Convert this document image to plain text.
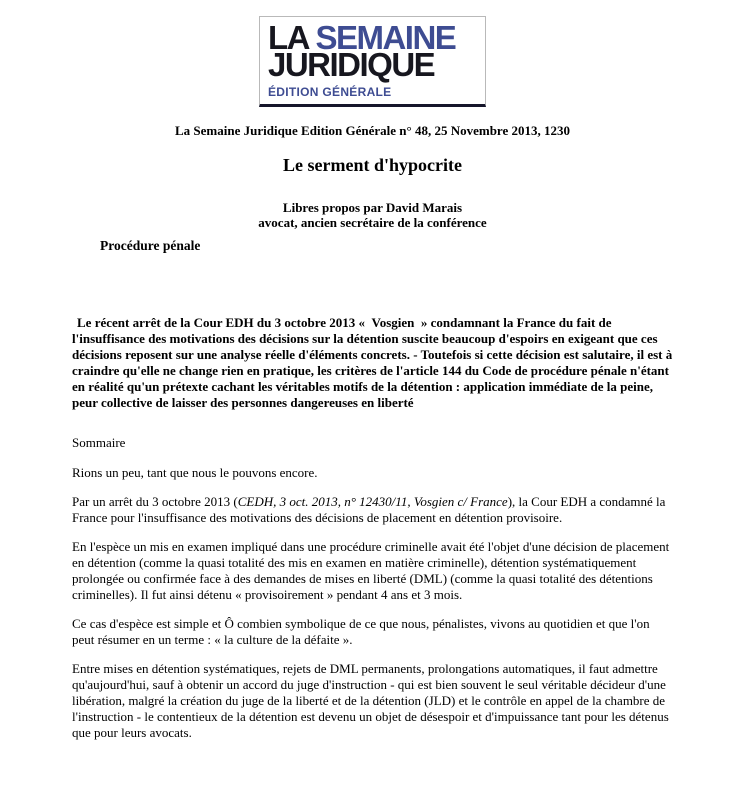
LA SEMAINE
JURIDIQUE
ÉDITION GÉNÉRALE
La Semaine Juridique Edition Générale n° 48, 25 Novembre 2013, 1230
Le serment d'hypocrite
Libres propos par David Marais
avocat, ancien secrétaire de la conférence
Procédure pénale

Le récent arrêt de la Cour EDH du 3 octobre 2013 «  Vosgien  » condamnant la France du fait de l'insuffisance des motivations des décisions sur la détention suscite beaucoup d'espoirs en exigeant que ces décisions reposent sur une analyse réelle d'éléments concrets. - Toutefois si cette décision est salutaire, il est à craindre qu'elle ne change rien en pratique, les critères de l'article 144 du Code de procédure pénale n'étant en réalité qu'un prétexte cachant les véritables motifs de la détention : application immédiate de la peine, peur collective de laisser des personnes dangereuses en liberté

Sommaire

Rions un peu, tant que nous le pouvons encore.

Par un arrêt du 3 octobre 2013 (CEDH, 3 oct. 2013, n° 12430/11, Vosgien c/ France), la Cour EDH a condamné la France pour l'insuffisance des motivations des décisions de placement en détention provisoire.

En l'espèce un mis en examen impliqué dans une procédure criminelle avait été l'objet d'une décision de placement en détention (comme la quasi totalité des mis en examen en matière criminelle), détention systématiquement prolongée ou confirmée face à des demandes de mises en liberté (DML) (comme la quasi totalité des détentions criminelles). Il fut ainsi détenu « provisoirement » pendant 4 ans et 3 mois.

Ce cas d'espèce est simple et Ô combien symbolique de ce que nous, pénalistes, vivons au quotidien et que l'on peut résumer en un terme : « la culture de la défaite ».

Entre mises en détention systématiques, rejets de DML permanents, prolongations automatiques, il faut admettre qu'aujourd'hui, sauf à obtenir un accord du juge d'instruction - qui est bien souvent le seul véritable décideur d'une libération, malgré la création du juge de la liberté et de la détention (JLD) et le contrôle en appel de la chambre de l'instruction - le contentieux de la détention est devenu un objet de désespoir et d'impuissance tant pour les détenus que pour leurs avocats.
